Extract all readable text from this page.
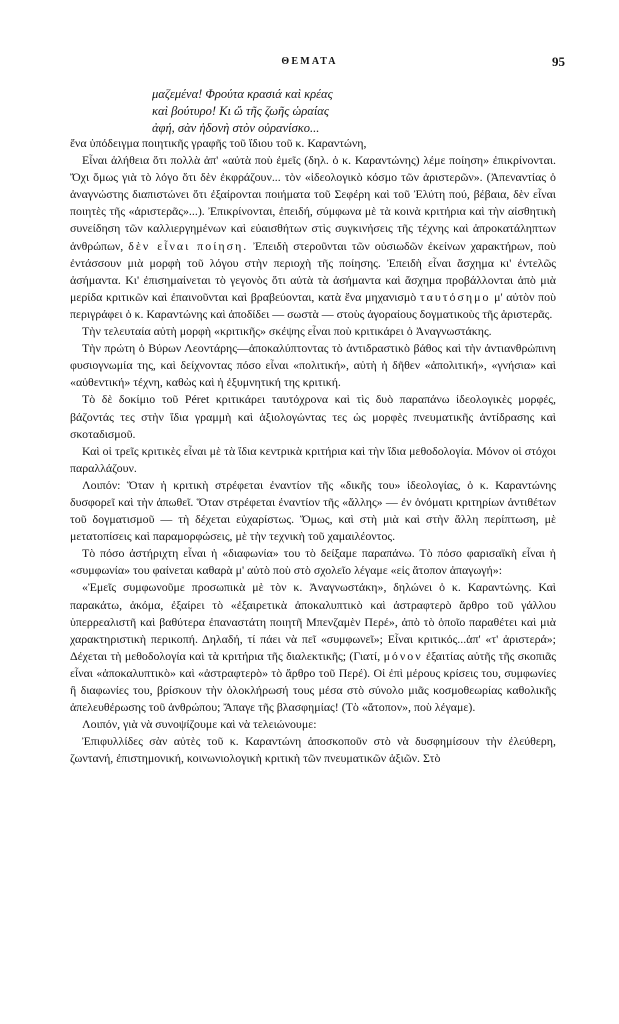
ΘΕΜΑΤΑ	95
μαζεμένα! Φρούτα κρασιά καὶ κρέας
καὶ βούτυρο! Κι ὤ τῆς ζωῆς ὡραίας
ἀφή, σὰν ἡδονὴ στὸν οὐρανίσκο...

ἕνα ὑπόδειγμα ποιητικῆς γραφῆς τοῦ ἴδιου τοῦ κ. Καραντώνη,

Εἶναι ἀλήθεια ὅτι πολλὰ ἀπ' «αὐτὰ ποὺ ἐμεῖς (δηλ. ὁ κ. Καραντώνης) λέμε ποίηση» ἐπικρίνονται. Ὄχι ὅμως γιὰ τὸ λόγο ὅτι δὲν ἐκφράζουν... τὸν «ἰδεολογικὸ κόσμο τῶν ἀριστερῶν». (Ἀπεναντίας ὁ ἀναγνώστης διαπιστώνει ὅτι ἐξαίρονται ποιήματα τοῦ Σεφέρη καὶ τοῦ Ἐλύτη πού, βέβαια, δὲν εἶναι ποιητὲς τῆς «ἀριστερᾶς»...). Ἐπικρίνονται, ἐπειδή, σύμφωνα μὲ τὰ κοινὰ κριτήρια καὶ τὴν αἰσθητικὴ συνείδηση τῶν καλλιεργημένων καὶ εὐαισθήτων στὶς συγκινήσεις τῆς τέχνης καὶ ἀπροκατάληπτων ἀνθρώπων, δὲν εἶναι ποίηση. Ἐπειδὴ στεροῦνται τῶν οὐσιωδῶν ἐκείνων χαρακτήρων, ποὺ ἐντάσσουν μιὰ μορφὴ τοῦ λόγου στὴν περιοχὴ τῆς ποίησης. Ἐπειδὴ εἶναι ἄσχημα κι' ἐντελῶς ἀσήμαντα. Κι' ἐπισημαίνεται τὸ γεγονὸς ὅτι αὐτὰ τὰ ἀσήμαντα καὶ ἄσχημα προβάλλονται ἀπὸ μιὰ μερίδα κριτικῶν καὶ ἐπαινοῦνται καὶ βραβεύονται, κατὰ ἕνα μηχανισμὸ ταυτόσημο μ' αὐτὸν ποὺ περιγράφει ὁ κ. Καραντώνης καὶ ἀποδίδει — σωστὰ — στοὺς ἀγοραίους δογματικοὺς τῆς ἀριστερᾶς.

Τὴν τελευταία αὐτὴ μορφὴ «κριτικῆς» σκέψης εἶναι ποὺ κριτικάρει ὁ Ἀναγνωστάκης.

Τὴν πρώτη ὁ Βύρων Λεοντάρης—ἀποκαλύπτοντας τὸ ἀντιδραστικὸ βάθος καὶ τὴν ἀντιανθρώπινη φυσιογνωμία της, καὶ δείχνοντας πόσο εἶναι «πολιτική», αὐτὴ ἡ δῆθεν «ἀπολιτική», «γνήσια» καὶ «αὐθεντική» τέχνη, καθὼς καὶ ἡ ἐξυμνητική της κριτική.

Τὸ δὲ δοκίμιο τοῦ Péret κριτικάρει ταυτόχρονα καὶ τὶς δυὸ παραπάνω ἰδεολογικὲς μορφές, βάζοντάς τες στὴν ἴδια γραμμὴ καὶ ἀξιολογώντας τες ὡς μορφὲς πνευματικῆς ἀντίδρασης καὶ σκοταδισμοῦ.

Καὶ οἱ τρεῖς κριτικὲς εἶναι μὲ τὰ ἴδια κεντρικὰ κριτήρια καὶ τὴν ἴδια μεθοδολογία. Μόνον οἱ στόχοι παραλλάζουν.

Λοιπόν: Ὅταν ἡ κριτικὴ στρέφεται ἐναντίον τῆς «δικῆς του» ἰδεολογίας, ὁ κ. Καραντώνης δυσφορεῖ καὶ τὴν ἀπωθεῖ. Ὅταν στρέφεται ἐναντίον τῆς «ἄλλης» — ἐν ὀνόματι κριτηρίων ἀντιθέτων τοῦ δογματισμοῦ — τὴ δέχεται εὐχαρίστως. Ὅμως, καὶ στὴ μιὰ καὶ στὴν ἄλλη περίπτωση, μὲ μετατοπίσεις καὶ παραμορφώσεις, μὲ τὴν τεχνικὴ τοῦ χαμαιλέοντος.

Τὸ πόσο ἀστήριχτη εἶναι ἡ «διαφωνία» του τὸ δείξαμε παραπάνω. Τὸ πόσο φαρισαϊκὴ εἶναι ἡ «συμφωνία» του φαίνεται καθαρὰ μ' αὐτὸ ποὺ στὸ σχολεῖο λέγαμε «εἰς ἄτοπον ἀπαγωγή»:

«Ἐμεῖς συμφωνοῦμε προσωπικὰ μὲ τὸν κ. Ἀναγνωστάκη», δηλώνει ὁ κ. Καραντώνης. Καὶ παρακάτω, ἀκόμα, ἐξαίρει τὸ «ἐξαιρετικὰ ἀποκαλυπτικὸ καὶ ἀστραφτερὸ ἄρθρο τοῦ γάλλου ὑπερρεαλιστῆ καὶ βαθύτερα ἐπαναστάτη ποιητῆ Μπενζαμὲν Περέ», ἀπὸ τὸ ὁποῖο παραθέτει καὶ μιὰ χαρακτηριστικὴ περικοπή. Δηλαδή, τί πάει νὰ πεῖ «συμφωνεῖ»; Εἶναι κριτικός...ἀπ' «τ' ἀριστερά»; Δέχεται τὴ μεθοδολογία καὶ τὰ κριτήρια τῆς διαλεκτικῆς; (Γιατί, μόνον ἐξαιτίας αὐτῆς τῆς σκοπιᾶς εἶναι «ἀποκαλυπτικὸ» καὶ «ἀστραφτερὸ» τὸ ἄρθρο τοῦ Περέ). Οἱ ἐπὶ μέρους κρίσεις του, συμφωνίες ἢ διαφωνίες του, βρίσκουν τὴν ὁλοκλήρωσή τους μέσα στὸ σύνολο μιᾶς κοσμοθεωρίας καθολικῆς ἀπελευθέρωσης τοῦ ἀνθρώπου; Ἄπαγε τῆς βλασφημίας! (Τὸ «ἄτοπον», ποὺ λέγαμε).

Λοιπόν, γιὰ νὰ συνοψίζουμε καὶ νὰ τελειώνουμε:

Ἐπιφυλλίδες σὰν αὐτὲς τοῦ κ. Καραντώνη ἀποσκοποῦν στὸ νὰ δυσφημίσουν τὴν ἐλεύθερη, ζωντανή, ἐπιστημονική, κοινωνιολογικὴ κριτικὴ τῶν πνευματικῶν ἀξιῶν. Στὸ
